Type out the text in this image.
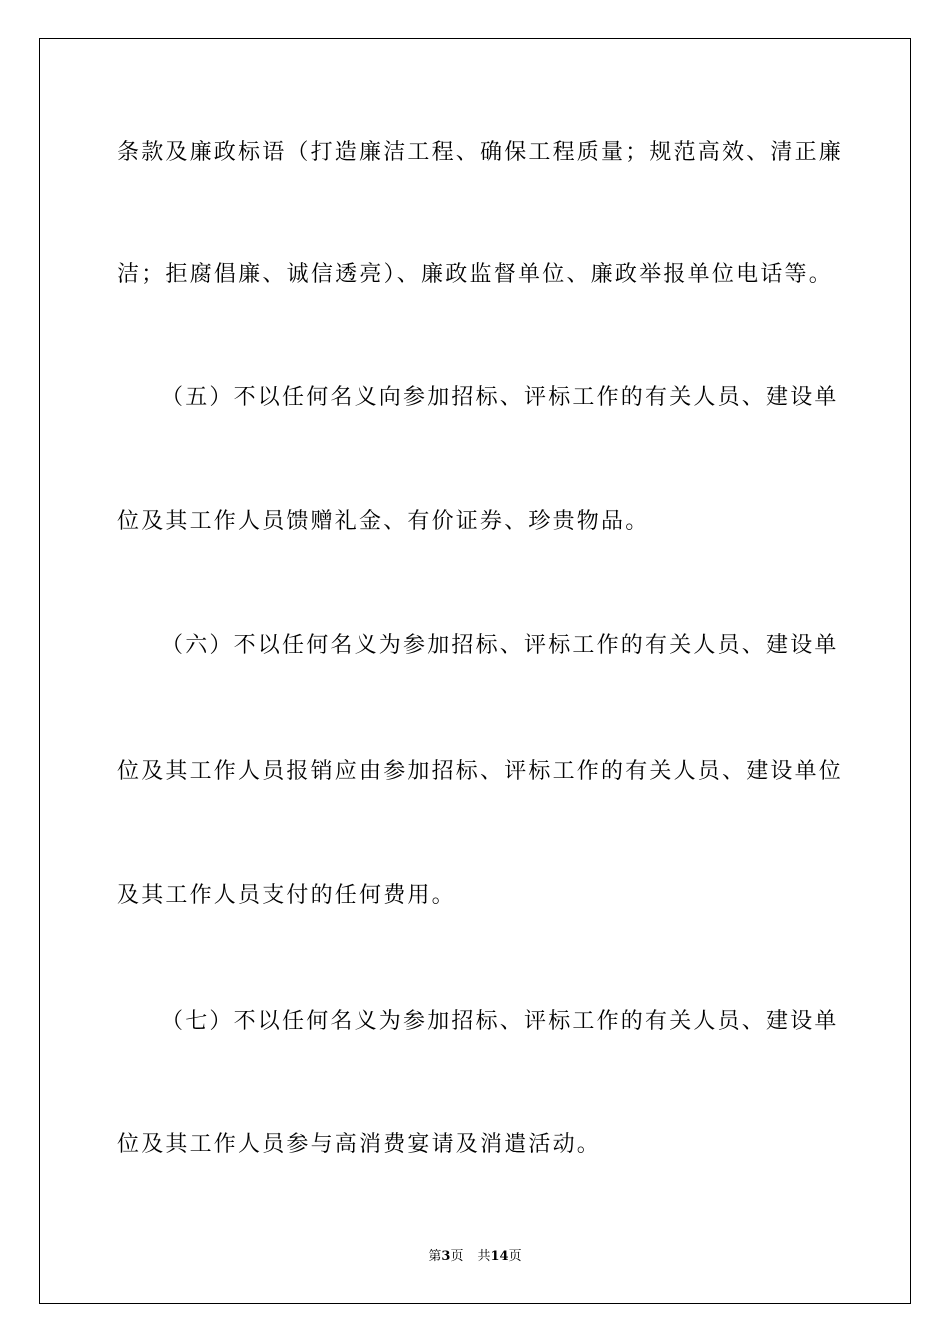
条款及廉政标语（打造廉洁工程、确保工程质量；规范高效、清正廉
洁；拒腐倡廉、诚信透亮）、廉政监督单位、廉政举报单位电话等。
（五）不以任何名义向参加招标、评标工作的有关人员、建设单
位及其工作人员馈赠礼金、有价证券、珍贵物品。
（六）不以任何名义为参加招标、评标工作的有关人员、建设单
位及其工作人员报销应由参加招标、评标工作的有关人员、建设单位
及其工作人员支付的任何费用。
（七）不以任何名义为参加招标、评标工作的有关人员、建设单
位及其工作人员参与高消费宴请及消遣活动。
第3页 共14页
